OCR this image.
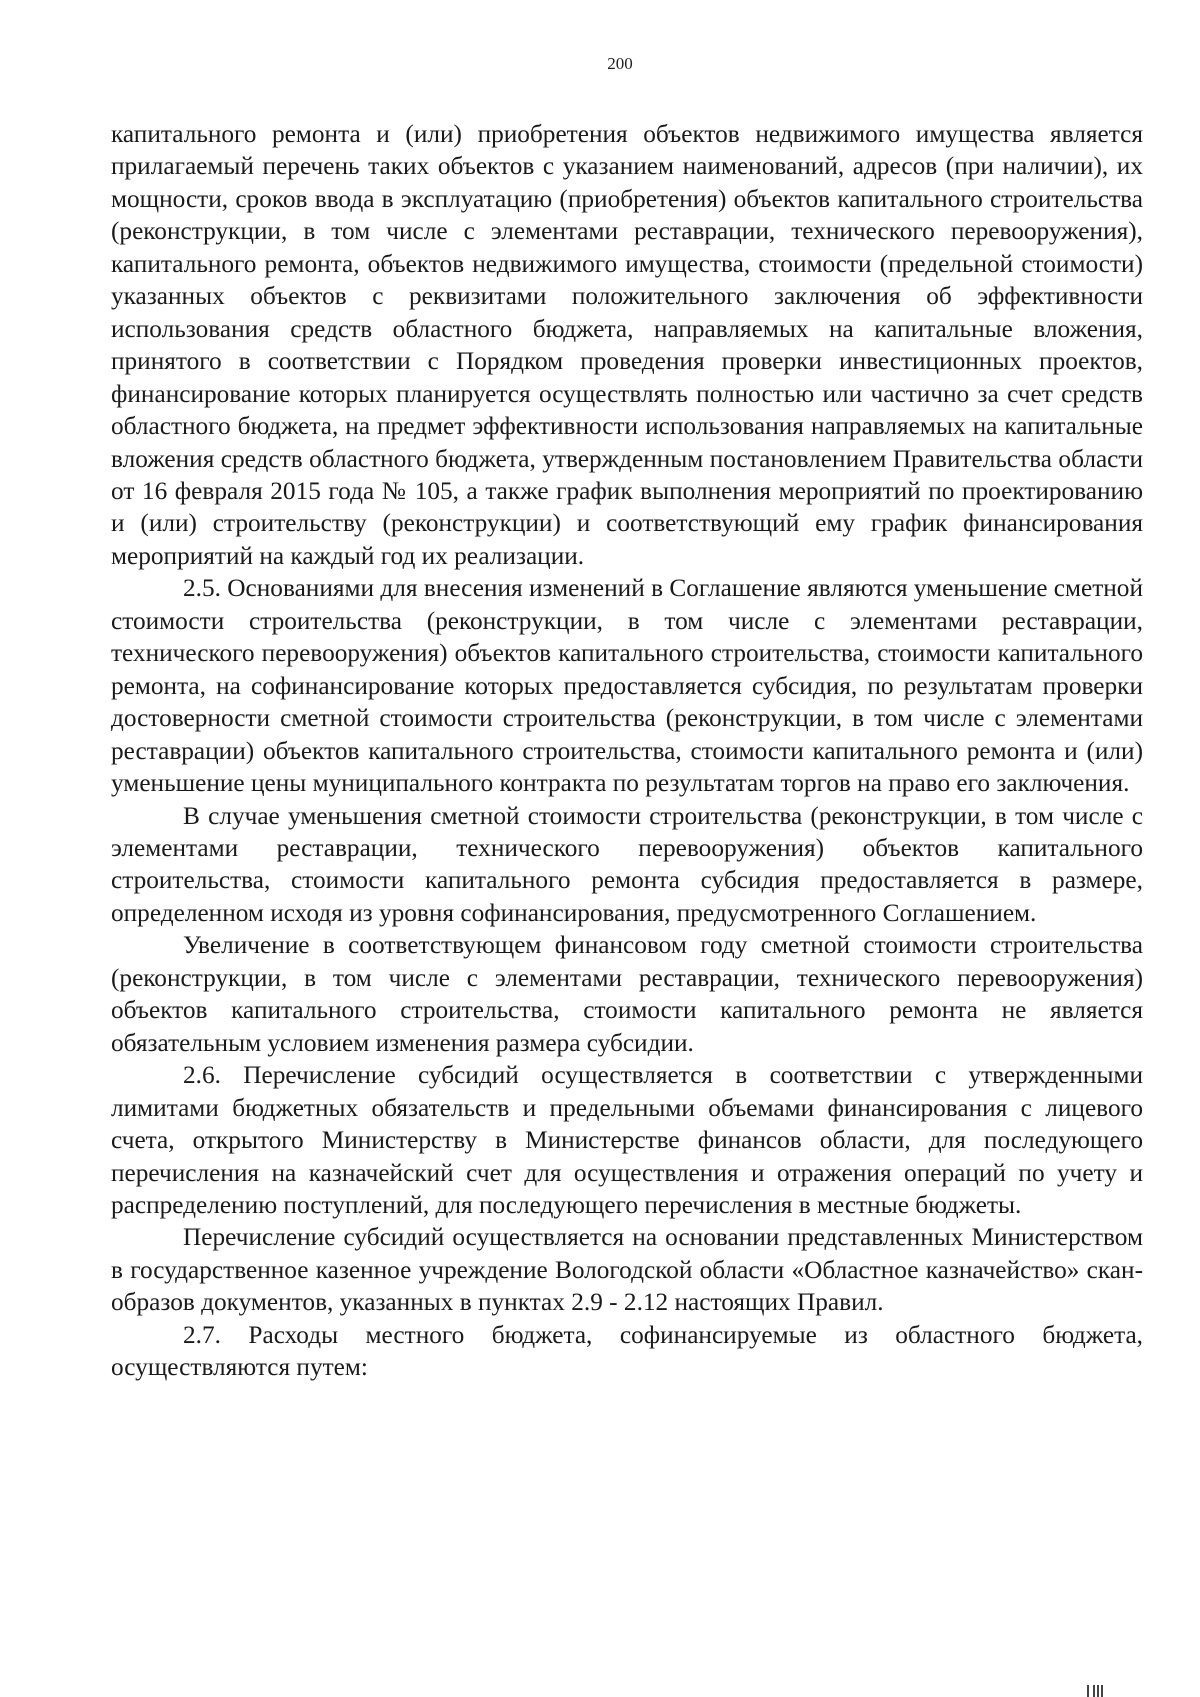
200

капитального ремонта и (или) приобретения объектов недвижимого имущества является прилагаемый перечень таких объектов с указанием наименований, адресов (при наличии), их мощности, сроков ввода в эксплуатацию (приобретения) объектов капитального строительства (реконструкции, в том числе с элементами реставрации, технического перевооружения), капитального ремонта, объектов недвижимого имущества, стоимости (предельной стоимости) указанных объектов с реквизитами положительного заключения об эффективности использования средств областного бюджета, направляемых на капитальные вложения, принятого в соответствии с Порядком проведения проверки инвестиционных проектов, финансирование которых планируется осуществлять полностью или частично за счет средств областного бюджета, на предмет эффективности использования направляемых на капитальные вложения средств областного бюджета, утвержденным постановлением Правительства области от 16 февраля 2015 года № 105, а также график выполнения мероприятий по проектированию и (или) строительству (реконструкции) и соответствующий ему график финансирования мероприятий на каждый год их реализации.

2.5. Основаниями для внесения изменений в Соглашение являются уменьшение сметной стоимости строительства (реконструкции, в том числе с элементами реставрации, технического перевооружения) объектов капитального строительства, стоимости капитального ремонта, на софинансирование которых предоставляется субсидия, по результатам проверки достоверности сметной стоимости строительства (реконструкции, в том числе с элементами реставрации) объектов капитального строительства, стоимости капитального ремонта и (или) уменьшение цены муниципального контракта по результатам торгов на право его заключения.

В случае уменьшения сметной стоимости строительства (реконструкции, в том числе с элементами реставрации, технического перевооружения) объектов капитального строительства, стоимости капитального ремонта субсидия предоставляется в размере, определенном исходя из уровня софинансирования, предусмотренного Соглашением.

Увеличение в соответствующем финансовом году сметной стоимости строительства (реконструкции, в том числе с элементами реставрации, технического перевооружения) объектов капитального строительства, стоимости капитального ремонта не является обязательным условием изменения размера субсидии.

2.6. Перечисление субсидий осуществляется в соответствии с утвержденными лимитами бюджетных обязательств и предельными объемами финансирования с лицевого счета, открытого Министерству в Министерстве финансов области, для последующего перечисления на казначейский счет для осуществления и отражения операций по учету и распределению поступлений, для последующего перечисления в местные бюджеты.

Перечисление субсидий осуществляется на основании представленных Министерством в государственное казенное учреждение Вологодской области «Областное казначейство» скан-образов документов, указанных в пунктах 2.9 - 2.12 настоящих Правил.

2.7. Расходы местного бюджета, софинансируемые из областного бюджета, осуществляются путем:
